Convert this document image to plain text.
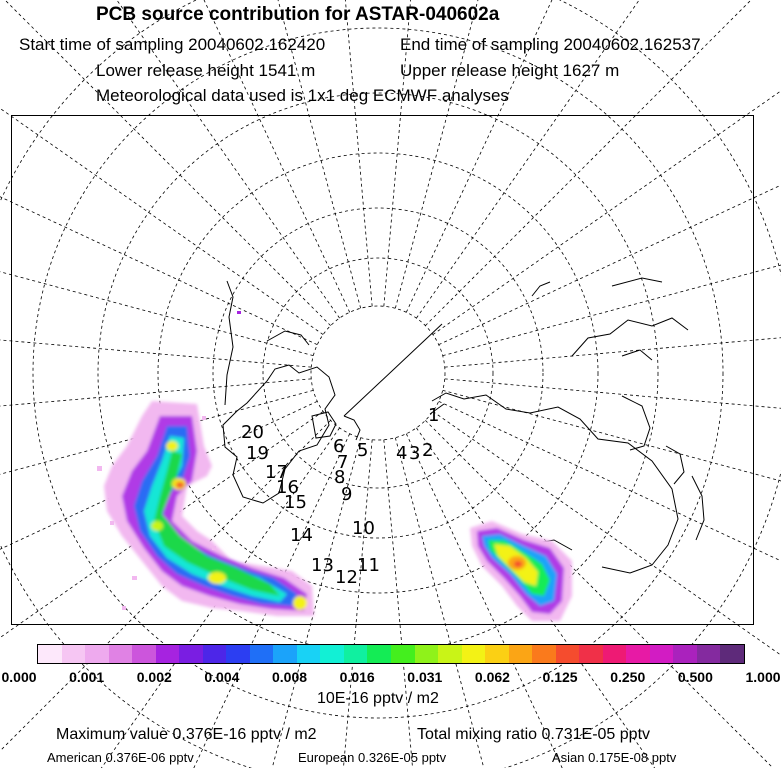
PCB source contribution for ASTAR-040602a
Start time of sampling 20040602.162420	End time of sampling 20040602.162537
Lower release height 1541 m	Upper release height 1627 m
Meteorological data used is 1x1 deg ECMWF analyses
20
19
17
16
15
14
13
12
11
10
9
8
7
6 5 4 3 2
1
0.000 0.001 0.002 0.004 0.008 0.016 0.031 0.062 0.125 0.250 0.500 1.000
10E-16 pptv / m2
Maximum value 0.376E-16 pptv / m2	Total mixing ratio 0.731E-05 pptv
American 0.376E-06 pptv	European 0.326E-05 pptv	Asian 0.175E-08 pptv
